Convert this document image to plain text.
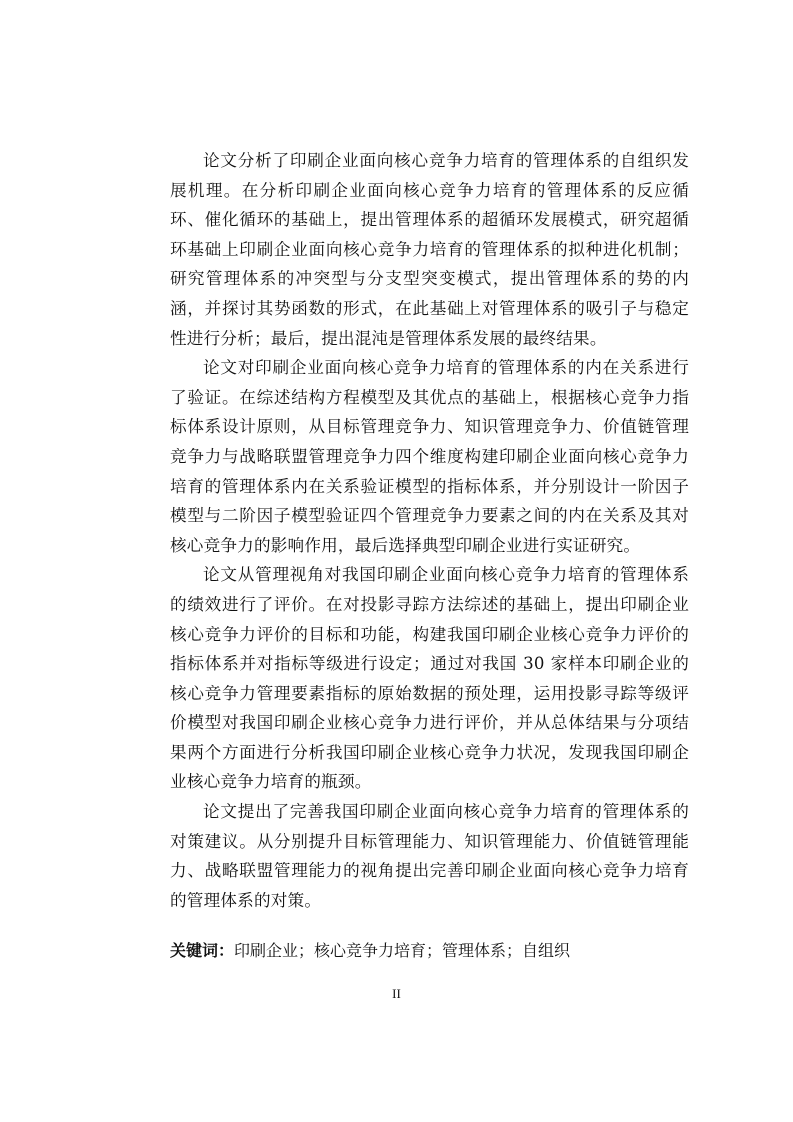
论文分析了印刷企业面向核心竞争力培育的管理体系的自组织发展机理。在分析印刷企业面向核心竞争力培育的管理体系的反应循环、催化循环的基础上，提出管理体系的超循环发展模式，研究超循环基础上印刷企业面向核心竞争力培育的管理体系的拟种进化机制；研究管理体系的冲突型与分支型突变模式，提出管理体系的势的内涵，并探讨其势函数的形式，在此基础上对管理体系的吸引子与稳定性进行分析；最后，提出混沌是管理体系发展的最终结果。

论文对印刷企业面向核心竞争力培育的管理体系的内在关系进行了验证。在综述结构方程模型及其优点的基础上，根据核心竞争力指标体系设计原则，从目标管理竞争力、知识管理竞争力、价值链管理竞争力与战略联盟管理竞争力四个维度构建印刷企业面向核心竞争力培育的管理体系内在关系验证模型的指标体系，并分别设计一阶因子模型与二阶因子模型验证四个管理竞争力要素之间的内在关系及其对核心竞争力的影响作用，最后选择典型印刷企业进行实证研究。

论文从管理视角对我国印刷企业面向核心竞争力培育的管理体系的绩效进行了评价。在对投影寻踪方法综述的基础上，提出印刷企业核心竞争力评价的目标和功能，构建我国印刷企业核心竞争力评价的指标体系并对指标等级进行设定；通过对我国 30 家样本印刷企业的核心竞争力管理要素指标的原始数据的预处理，运用投影寻踪等级评价模型对我国印刷企业核心竞争力进行评价，并从总体结果与分项结果两个方面进行分析我国印刷企业核心竞争力状况，发现我国印刷企业核心竞争力培育的瓶颈。

论文提出了完善我国印刷企业面向核心竞争力培育的管理体系的对策建议。从分别提升目标管理能力、知识管理能力、价值链管理能力、战略联盟管理能力的视角提出完善印刷企业面向核心竞争力培育的管理体系的对策。

关键词：印刷企业；核心竞争力培育；管理体系；自组织
II
